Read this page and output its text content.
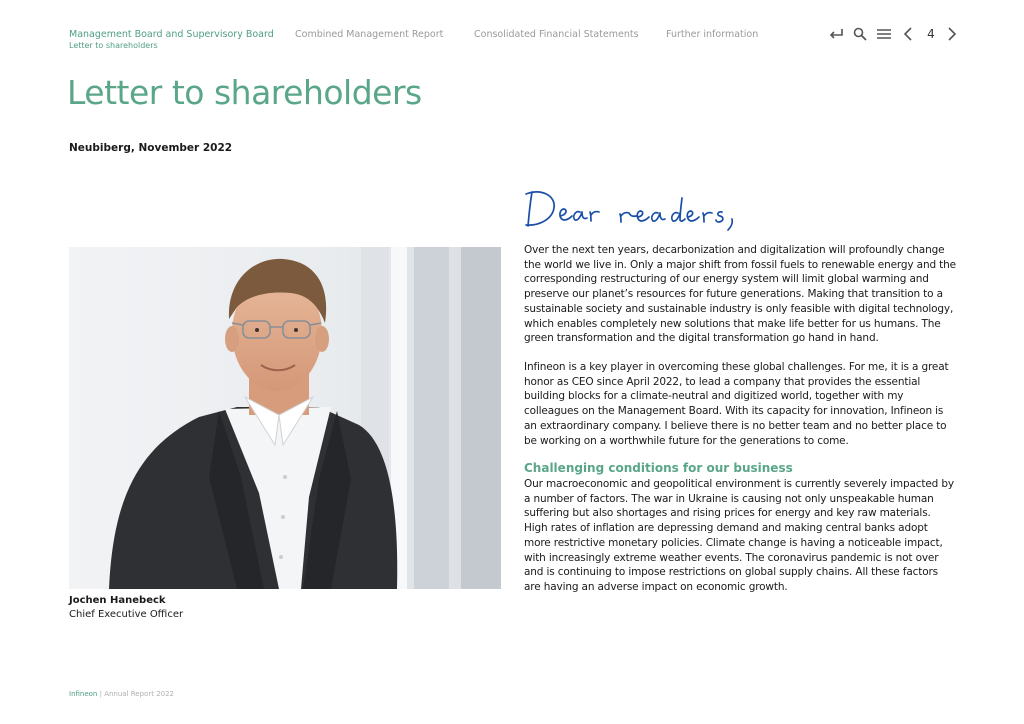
Management Board and Supervisory Board
Letter to shareholders
Combined Management Report	Consolidated Financial Statements	Further information	4
Letter to shareholders
Neubiberg, November 2022
Jochen Hanebeck
Chief Executive Officer
Over the next ten years, decarbonization and digitalization will profoundly change the world we live in. Only a major shift from fossil fuels to renewable energy and the corresponding restructuring of our energy system will limit global warming and preserve our planet’s resources for future generations. Making that transition to a sustainable society and sustainable industry is only feasible with digital technology, which enables completely new solutions that make life better for us humans. The green transformation and the digital transformation go hand in hand.
Infineon is a key player in overcoming these global challenges. For me, it is a great honor as CEO since April 2022, to lead a company that provides the essential building blocks for a climate-neutral and digitized world, together with my colleagues on the Management Board. With its capacity for innovation, Infineon is an extraordinary company. I believe there is no better team and no better place to be working on a worthwhile future for the generations to come.
Challenging conditions for our business
Our macroeconomic and geopolitical environment is currently severely impacted by a number of factors. The war in Ukraine is causing not only unspeakable human suffering but also shortages and rising prices for energy and key raw materials. High rates of inflation are depressing demand and making central banks adopt more restrictive monetary policies. Climate change is having a noticeable impact, with increasingly extreme weather events. The coronavirus pandemic is not over and is continuing to impose restrictions on global supply chains. All these factors are having an adverse impact on economic growth.
Infineon | Annual Report 2022
